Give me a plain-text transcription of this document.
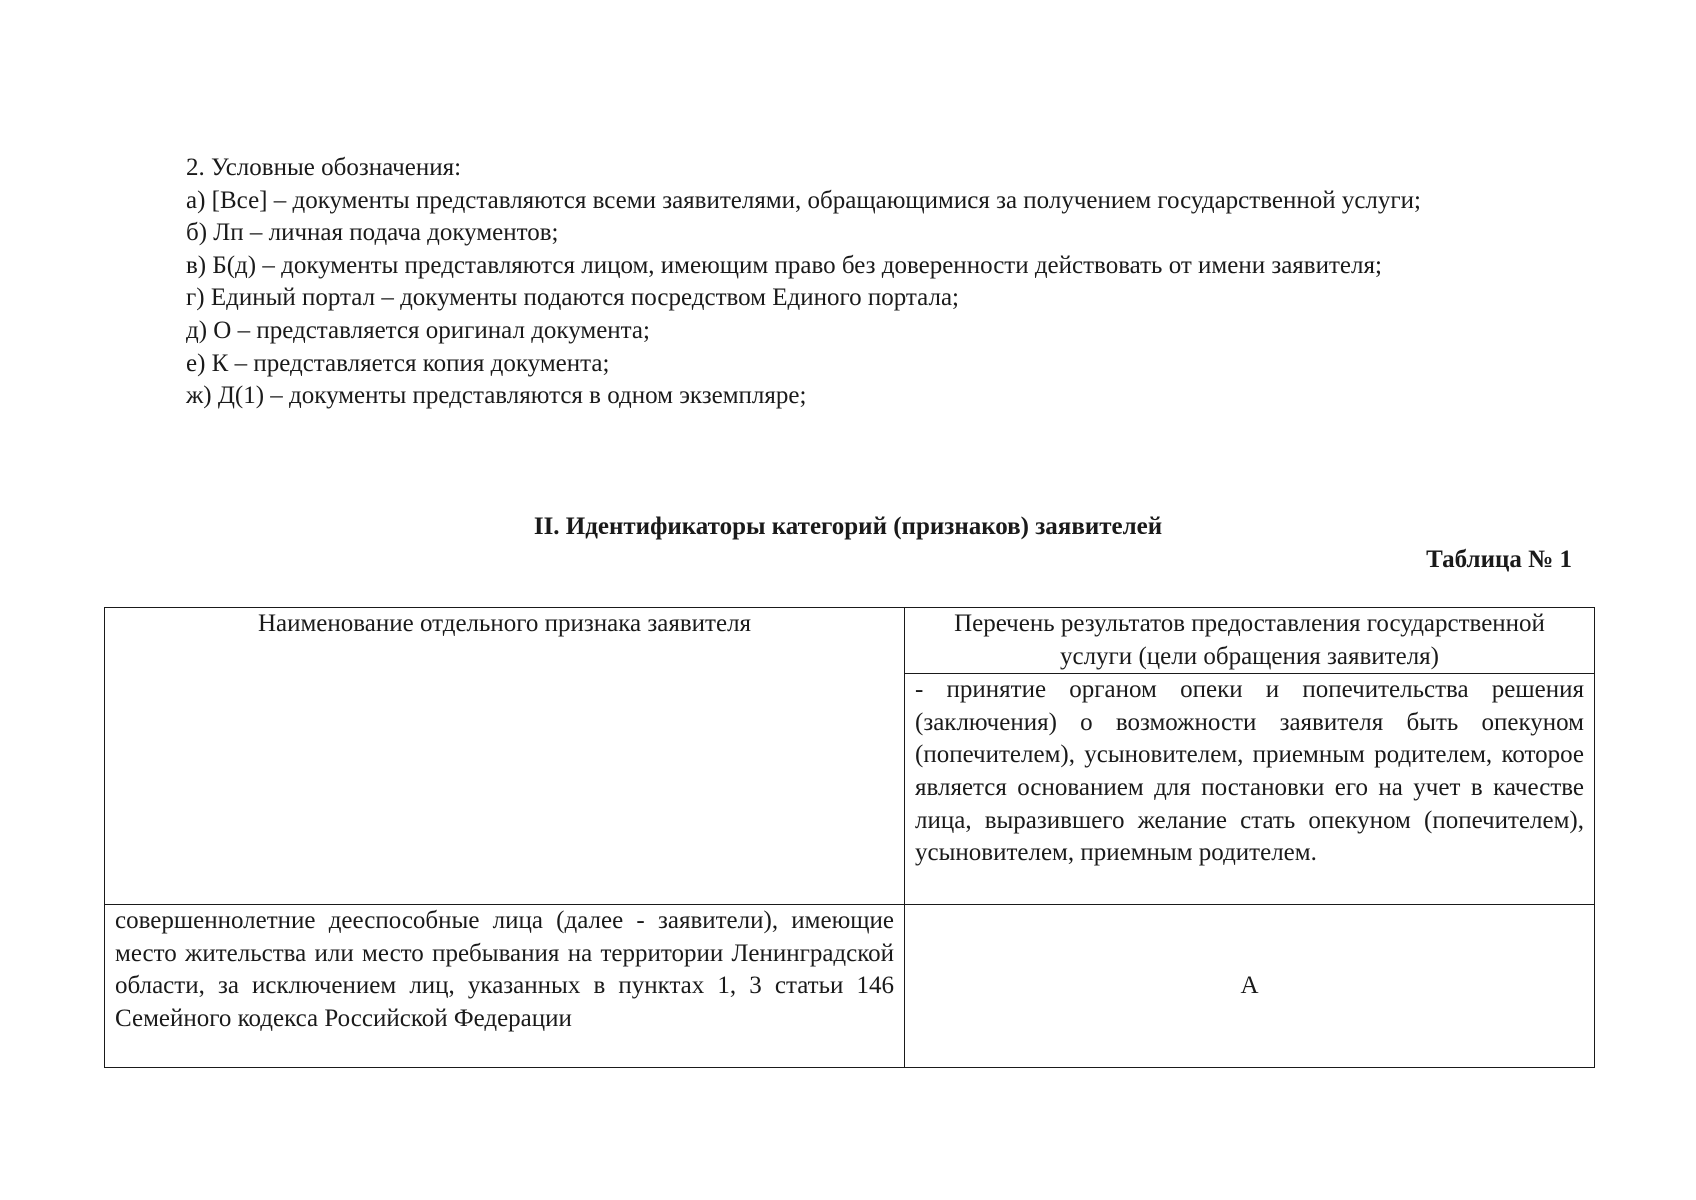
2. Условные обозначения:

а) [Все] – документы представляются всеми заявителями, обращающимися за получением государственной услуги;

б) Лп – личная подача документов;

в) Б(д) – документы представляются лицом, имеющим право без доверенности действовать от имени заявителя;

г) Единый портал – документы подаются посредством Единого портала;

д) О – представляется оригинал документа;

е) К – представляется копия документа;

ж) Д(1) – документы представляются в одном экземпляре;

II. Идентификаторы категорий (признаков) заявителей
Таблица № 1
Наименование отдельного признака заявителя	Перечень результатов предоставления государственной услуги (цели обращения заявителя)
	- принятие органом опеки и попечительства решения (заключения) о возможности заявителя быть опекуном (попечителем), усыновителем, приемным родителем, которое является основанием для постановки его на учет в качестве лица, выразившего желание стать опекуном (попечителем), усыновителем, приемным родителем.
совершеннолетние дееспособные лица (далее - заявители), имеющие место жительства или место пребывания на территории Ленинградской области, за исключением лиц, указанных в пунктах 1, 3 статьи 146 Семейного кодекса Российской Федерации	А
